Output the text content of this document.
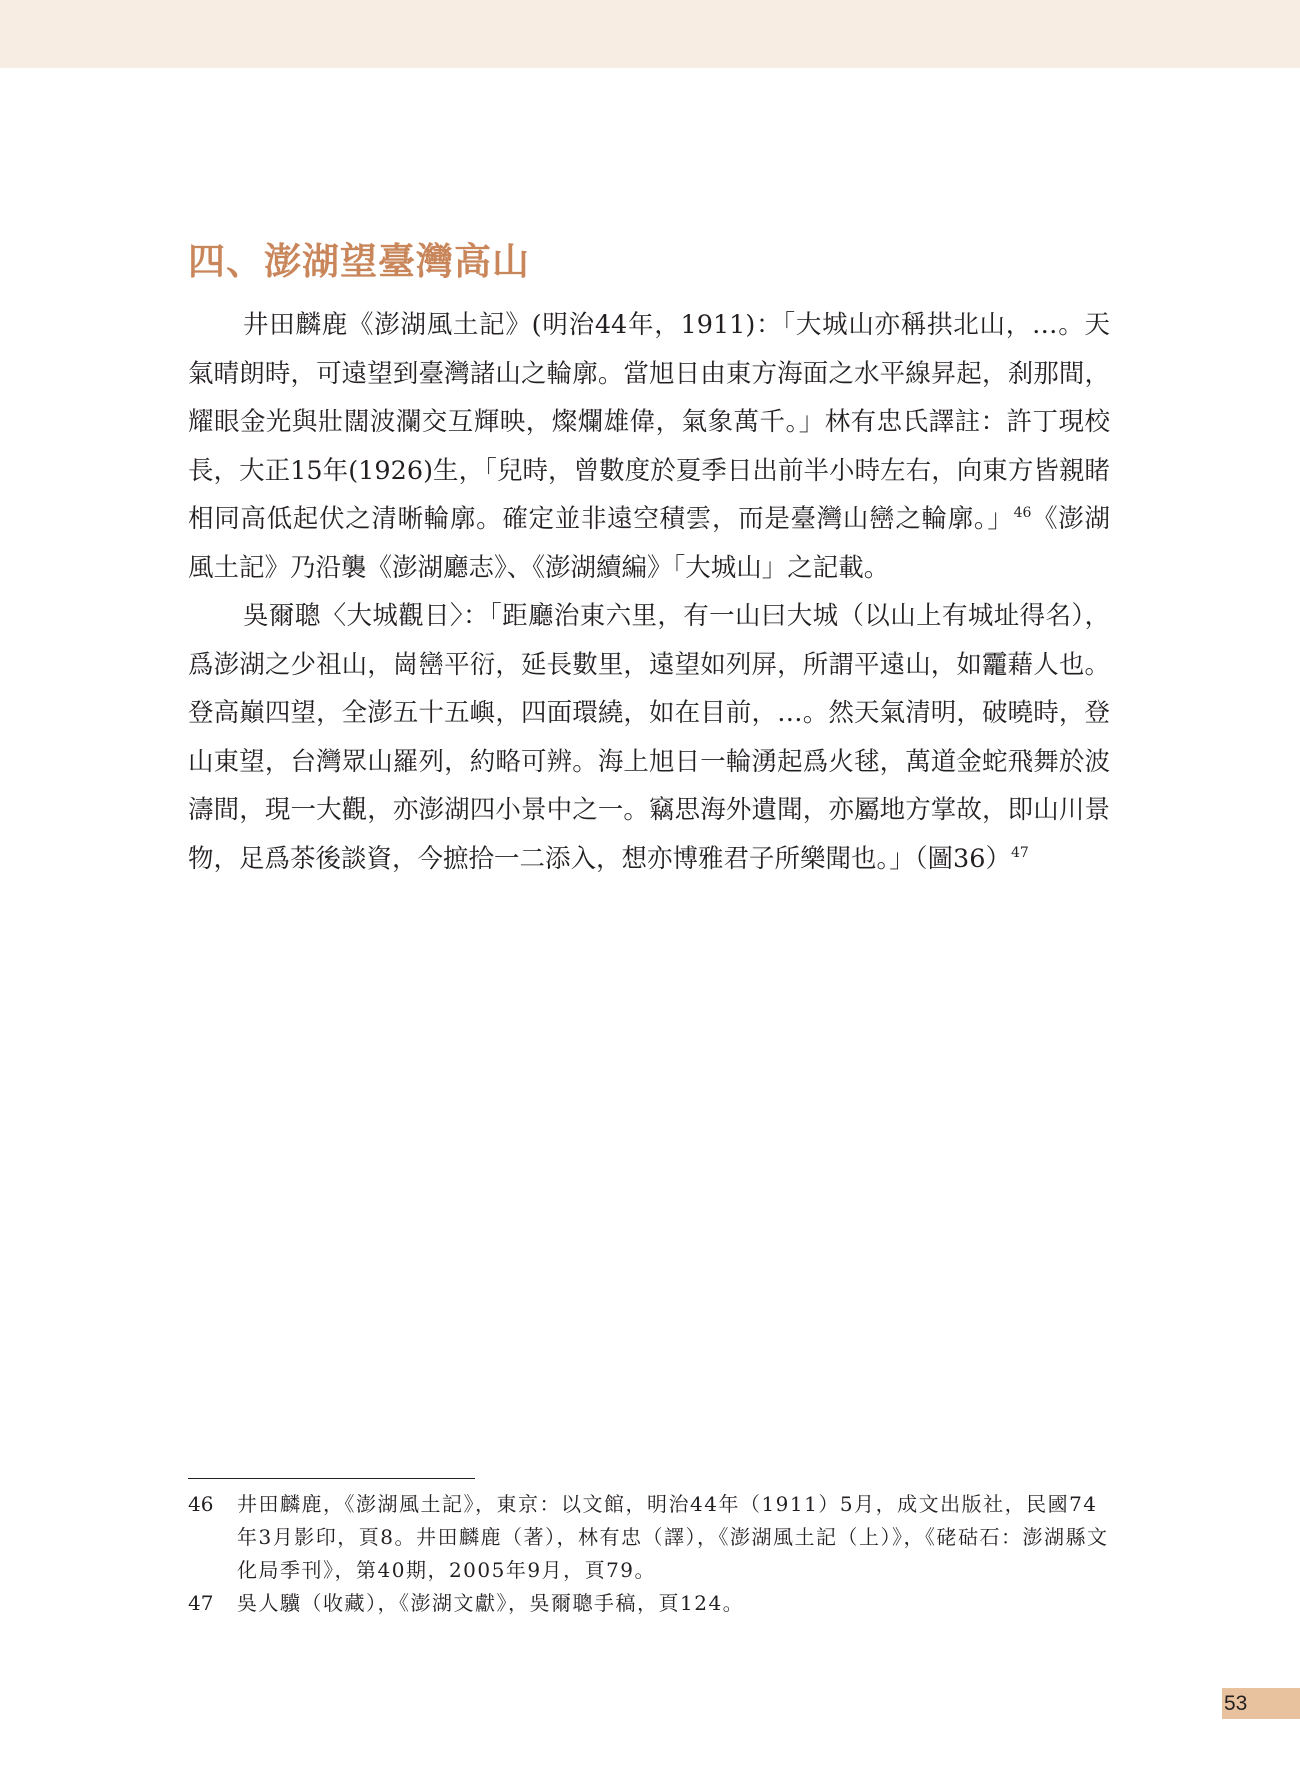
四、澎湖望臺灣高山

井田麟鹿《澎湖風土記》(明治44年，1911)：「大城山亦稱拱北山，…。天氣晴朗時，可遠望到臺灣諸山之輪廓。當旭日由東方海面之水平線昇起，刹那間，耀眼金光與壯闊波瀾交互輝映，燦爛雄偉，氣象萬千。」林有忠氏譯註：許丁現校長，大正15年(1926)生，「兒時，曾數度於夏季日出前半小時左右，向東方皆親睹相同高低起伏之清晰輪廓。確定並非遠空積雲，而是臺灣山巒之輪廓。」$^{46}$《澎湖風土記》乃沿襲《澎湖廳志》、《澎湖續編》「大城山」之記載。

吳爾聰〈大城觀日〉：「距廳治東六里，有一山曰大城（以山上有城址得名），爲澎湖之少祖山，崗巒平衍，延長數里，遠望如列屏，所謂平遠山，如龗藉人也。登高巔四望，全澎五十五嶼，四面環繞，如在目前，…。然天氣清明，破曉時，登山東望，台灣眾山羅列，約略可辨。海上旭日一輪湧起爲火毬，萬道金蛇飛舞於波濤間，現一大觀，亦澎湖四小景中之一。竊思海外遺聞，亦屬地方掌故，即山川景物，足爲茶後談資，今摭拾一二添入，想亦博雅君子所樂聞也。」（圖36）$^{47}$

46	井田麟鹿，《澎湖風土記》，東京：以文館，明治44年（1911）5月，成文出版社，民國74年3月影印，頁8。井田麟鹿（著），林有忠（譯），《澎湖風土記（上）》，《硓𥑮石：澎湖縣文化局季刊》，第40期，2005年9月，頁79。
47	吳人驥（收藏），《澎湖文獻》，吳爾聰手稿，頁124。
53
